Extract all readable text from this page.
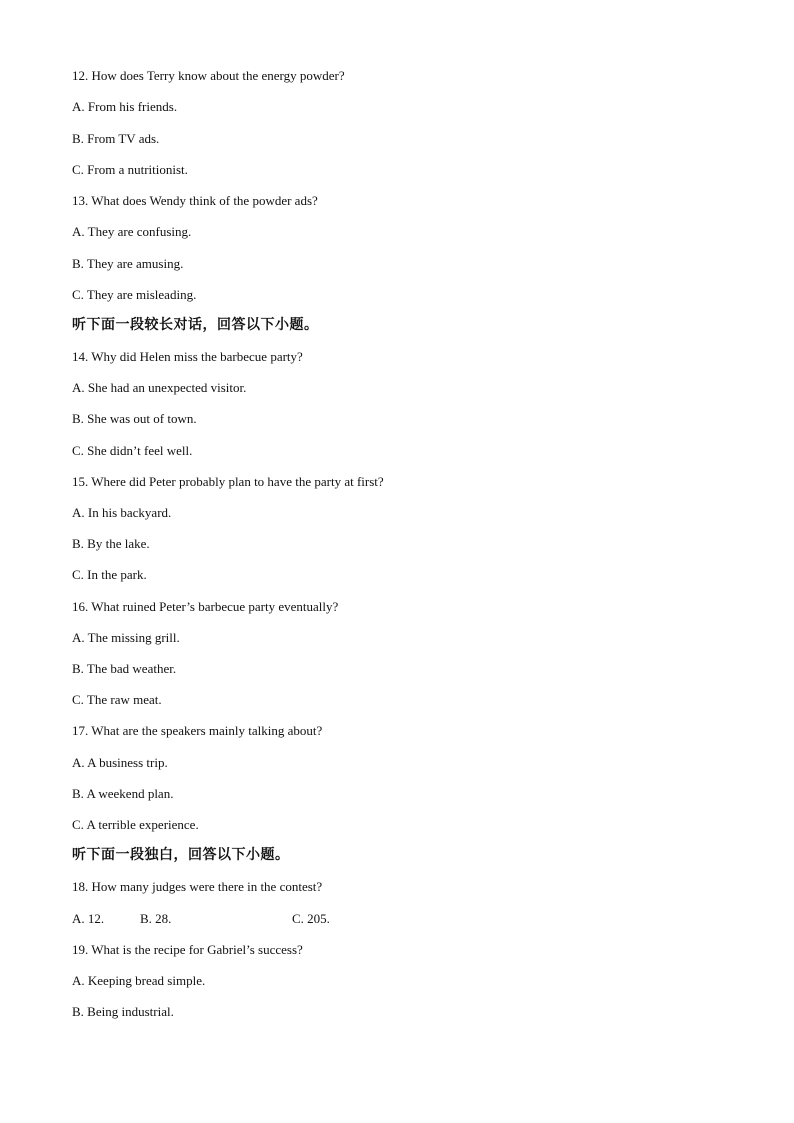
12. How does Terry know about the energy powder?
A. From his friends.
B. From TV ads.
C. From a nutritionist.
13. What does Wendy think of the powder ads?
A. They are confusing.
B. They are amusing.
C. They are misleading.
听下面一段较长对话，回答以下小题。
14. Why did Helen miss the barbecue party?
A. She had an unexpected visitor.
B. She was out of town.
C. She didn’t feel well.
15. Where did Peter probably plan to have the party at first?
A. In his backyard.
B. By the lake.
C. In the park.
16. What ruined Peter’s barbecue party eventually?
A. The missing grill.
B. The bad weather.
C. The raw meat.
17. What are the speakers mainly talking about?
A. A business trip.
B. A weekend plan.
C. A terrible experience.
听下面一段独白，回答以下小题。
18. How many judges were there in the contest?
A. 12.	B. 28.	C. 205.
19. What is the recipe for Gabriel’s success?
A. Keeping bread simple.
B. Being industrial.
